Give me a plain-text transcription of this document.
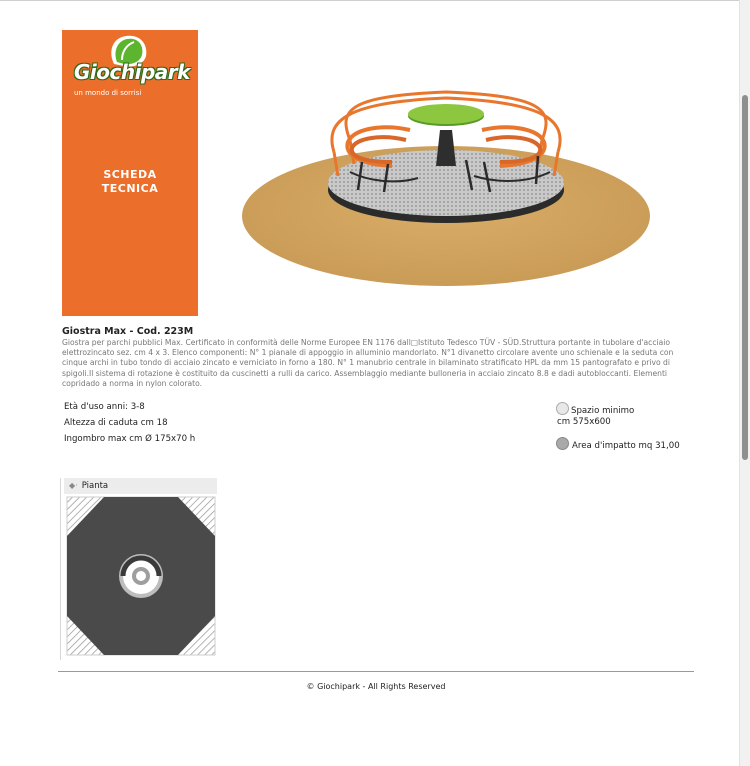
Giochipark
un mondo di sorrisi
SCHEDA
TECNICA
Giostra Max - Cod. 223M
Giostra per parchi pubblici Max. Certificato in conformità delle Norme Europee EN 1176 dall□Istituto Tedesco TÜV - SÜD.Struttura portante in tubolare d'acciaio elettrozincato sez. cm 4 x 3. Elenco componenti: N° 1 pianale di appoggio in alluminio mandorlato. N°1 divanetto circolare avente uno schienale e la seduta con cinque archi in tubo tondo di acciaio zincato e verniciato in forno a 180. N° 1 manubrio centrale in bilaminato stratificato HPL da mm 15 pantografato e privo di spigoli.Il sistema di rotazione è costituito da cuscinetti a rulli da carico. Assemblaggio mediante bulloneria in acciaio zincato 8.8 e dadi autobloccanti. Elementi copridado a norma in nylon colorato.
Età d'uso anni: 3-8
Altezza di caduta cm 18
Ingombro max cm Ø 175x70 h
Spazio minimo
cm 575x600
Area d'impatto mq 31,00
◆· Pianta
© Giochipark - All Rights Reserved
